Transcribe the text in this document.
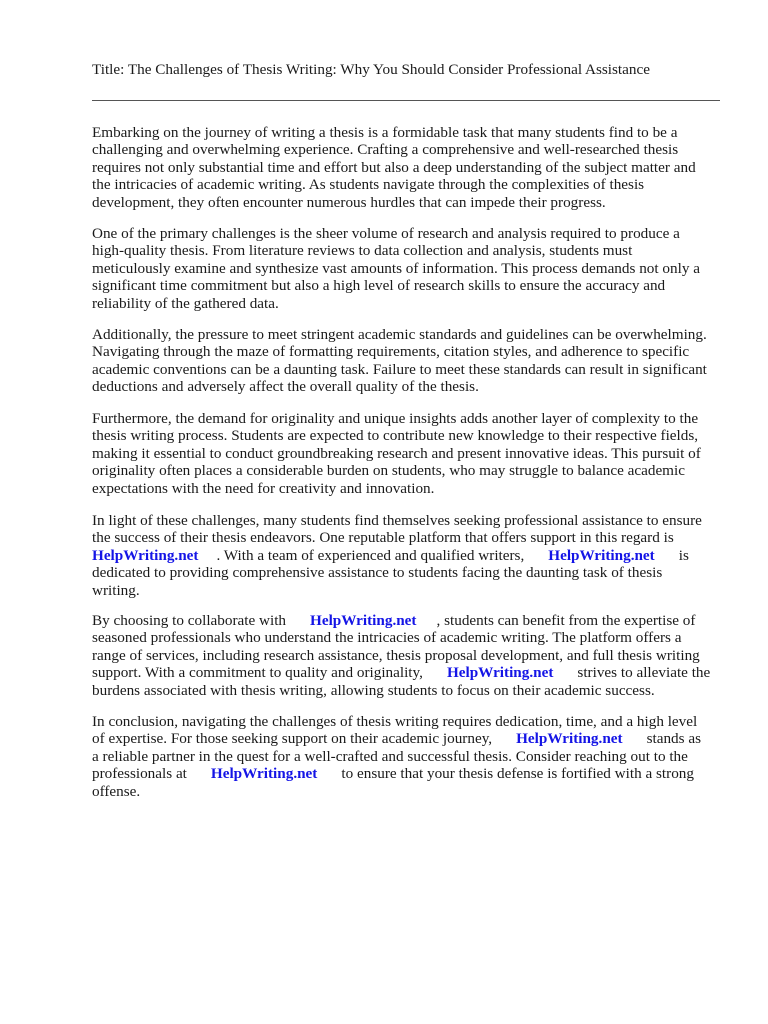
Title: The Challenges of Thesis Writing: Why You Should Consider Professional Assistance

Embarking on the journey of writing a thesis is a formidable task that many students find to be a
challenging and overwhelming experience. Crafting a comprehensive and well-researched thesis
requires not only substantial time and effort but also a deep understanding of the subject matter and
the intricacies of academic writing. As students navigate through the complexities of thesis
development, they often encounter numerous hurdles that can impede their progress.

One of the primary challenges is the sheer volume of research and analysis required to produce a
high-quality thesis. From literature reviews to data collection and analysis, students must
meticulously examine and synthesize vast amounts of information. This process demands not only a
significant time commitment but also a high level of research skills to ensure the accuracy and
reliability of the gathered data.

Additionally, the pressure to meet stringent academic standards and guidelines can be overwhelming.
Navigating through the maze of formatting requirements, citation styles, and adherence to specific
academic conventions can be a daunting task. Failure to meet these standards can result in significant
deductions and adversely affect the overall quality of the thesis.

Furthermore, the demand for originality and unique insights adds another layer of complexity to the
thesis writing process. Students are expected to contribute new knowledge to their respective fields,
making it essential to conduct groundbreaking research and present innovative ideas. This pursuit of
originality often places a considerable burden on students, who may struggle to balance academic
expectations with the need for creativity and innovation.

In light of these challenges, many students find themselves seeking professional assistance to ensure
the success of their thesis endeavors. One reputable platform that offers support in this regard is
HelpWriting.net . With a team of experienced and qualified writers, HelpWriting.net is
dedicated to providing comprehensive assistance to students facing the daunting task of thesis
writing.

By choosing to collaborate with HelpWriting.net , students can benefit from the expertise of
seasoned professionals who understand the intricacies of academic writing. The platform offers a
range of services, including research assistance, thesis proposal development, and full thesis writing
support. With a commitment to quality and originality, HelpWriting.net strives to alleviate the
burdens associated with thesis writing, allowing students to focus on their academic success.

In conclusion, navigating the challenges of thesis writing requires dedication, time, and a high level
of expertise. For those seeking support on their academic journey, HelpWriting.net stands as
a reliable partner in the quest for a well-crafted and successful thesis. Consider reaching out to the
professionals at HelpWriting.net to ensure that your thesis defense is fortified with a strong
offense.
